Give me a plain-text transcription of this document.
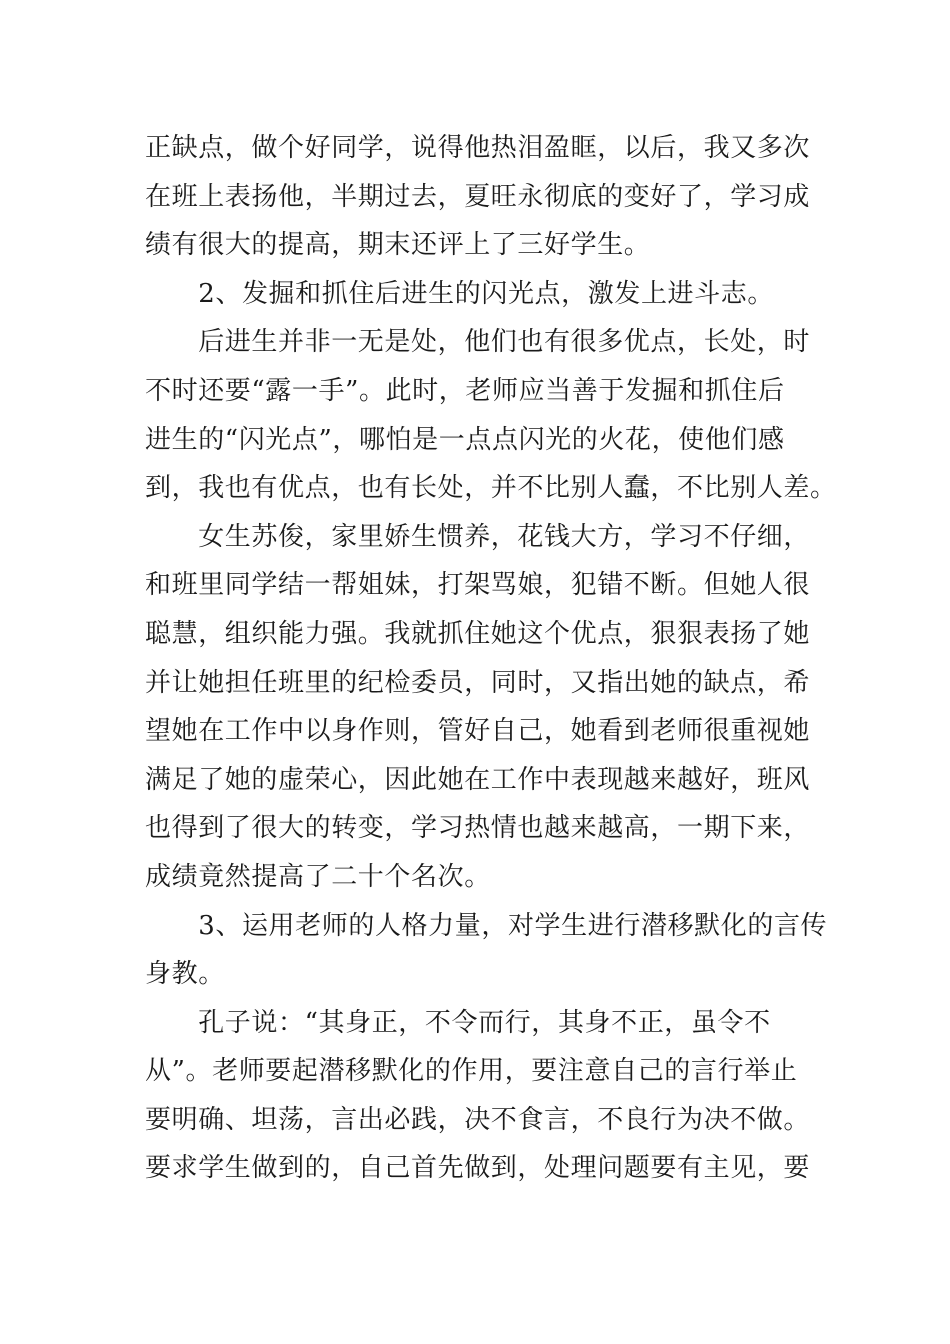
正缺点，做个好同学，说得他热泪盈眶，以后，我又多次
在班上表扬他，半期过去，夏旺永彻底的变好了，学习成
绩有很大的提高，期末还评上了三好学生。
　　2、发掘和抓住后进生的闪光点，激发上进斗志。
　　后进生并非一无是处，他们也有很多优点，长处，时
不时还要“露一手”。此时，老师应当善于发掘和抓住后
进生的“闪光点”，哪怕是一点点闪光的火花，使他们感
到，我也有优点，也有长处，并不比别人蠢，不比别人差。
　　女生苏俊，家里娇生惯养，花钱大方，学习不仔细，
和班里同学结一帮姐妹，打架骂娘，犯错不断。但她人很
聪慧，组织能力强。我就抓住她这个优点，狠狠表扬了她
并让她担任班里的纪检委员，同时，又指出她的缺点，希
望她在工作中以身作则，管好自己，她看到老师很重视她
满足了她的虚荣心，因此她在工作中表现越来越好，班风
也得到了很大的转变，学习热情也越来越高，一期下来，
成绩竟然提高了二十个名次。
　　3、运用老师的人格力量，对学生进行潜移默化的言传
身教。
　　孔子说：“其身正，不令而行，其身不正，虽令不
从”。老师要起潜移默化的作用，要注意自己的言行举止
要明确、坦荡，言出必践，决不食言，不良行为决不做。
要求学生做到的，自己首先做到，处理问题要有主见，要
